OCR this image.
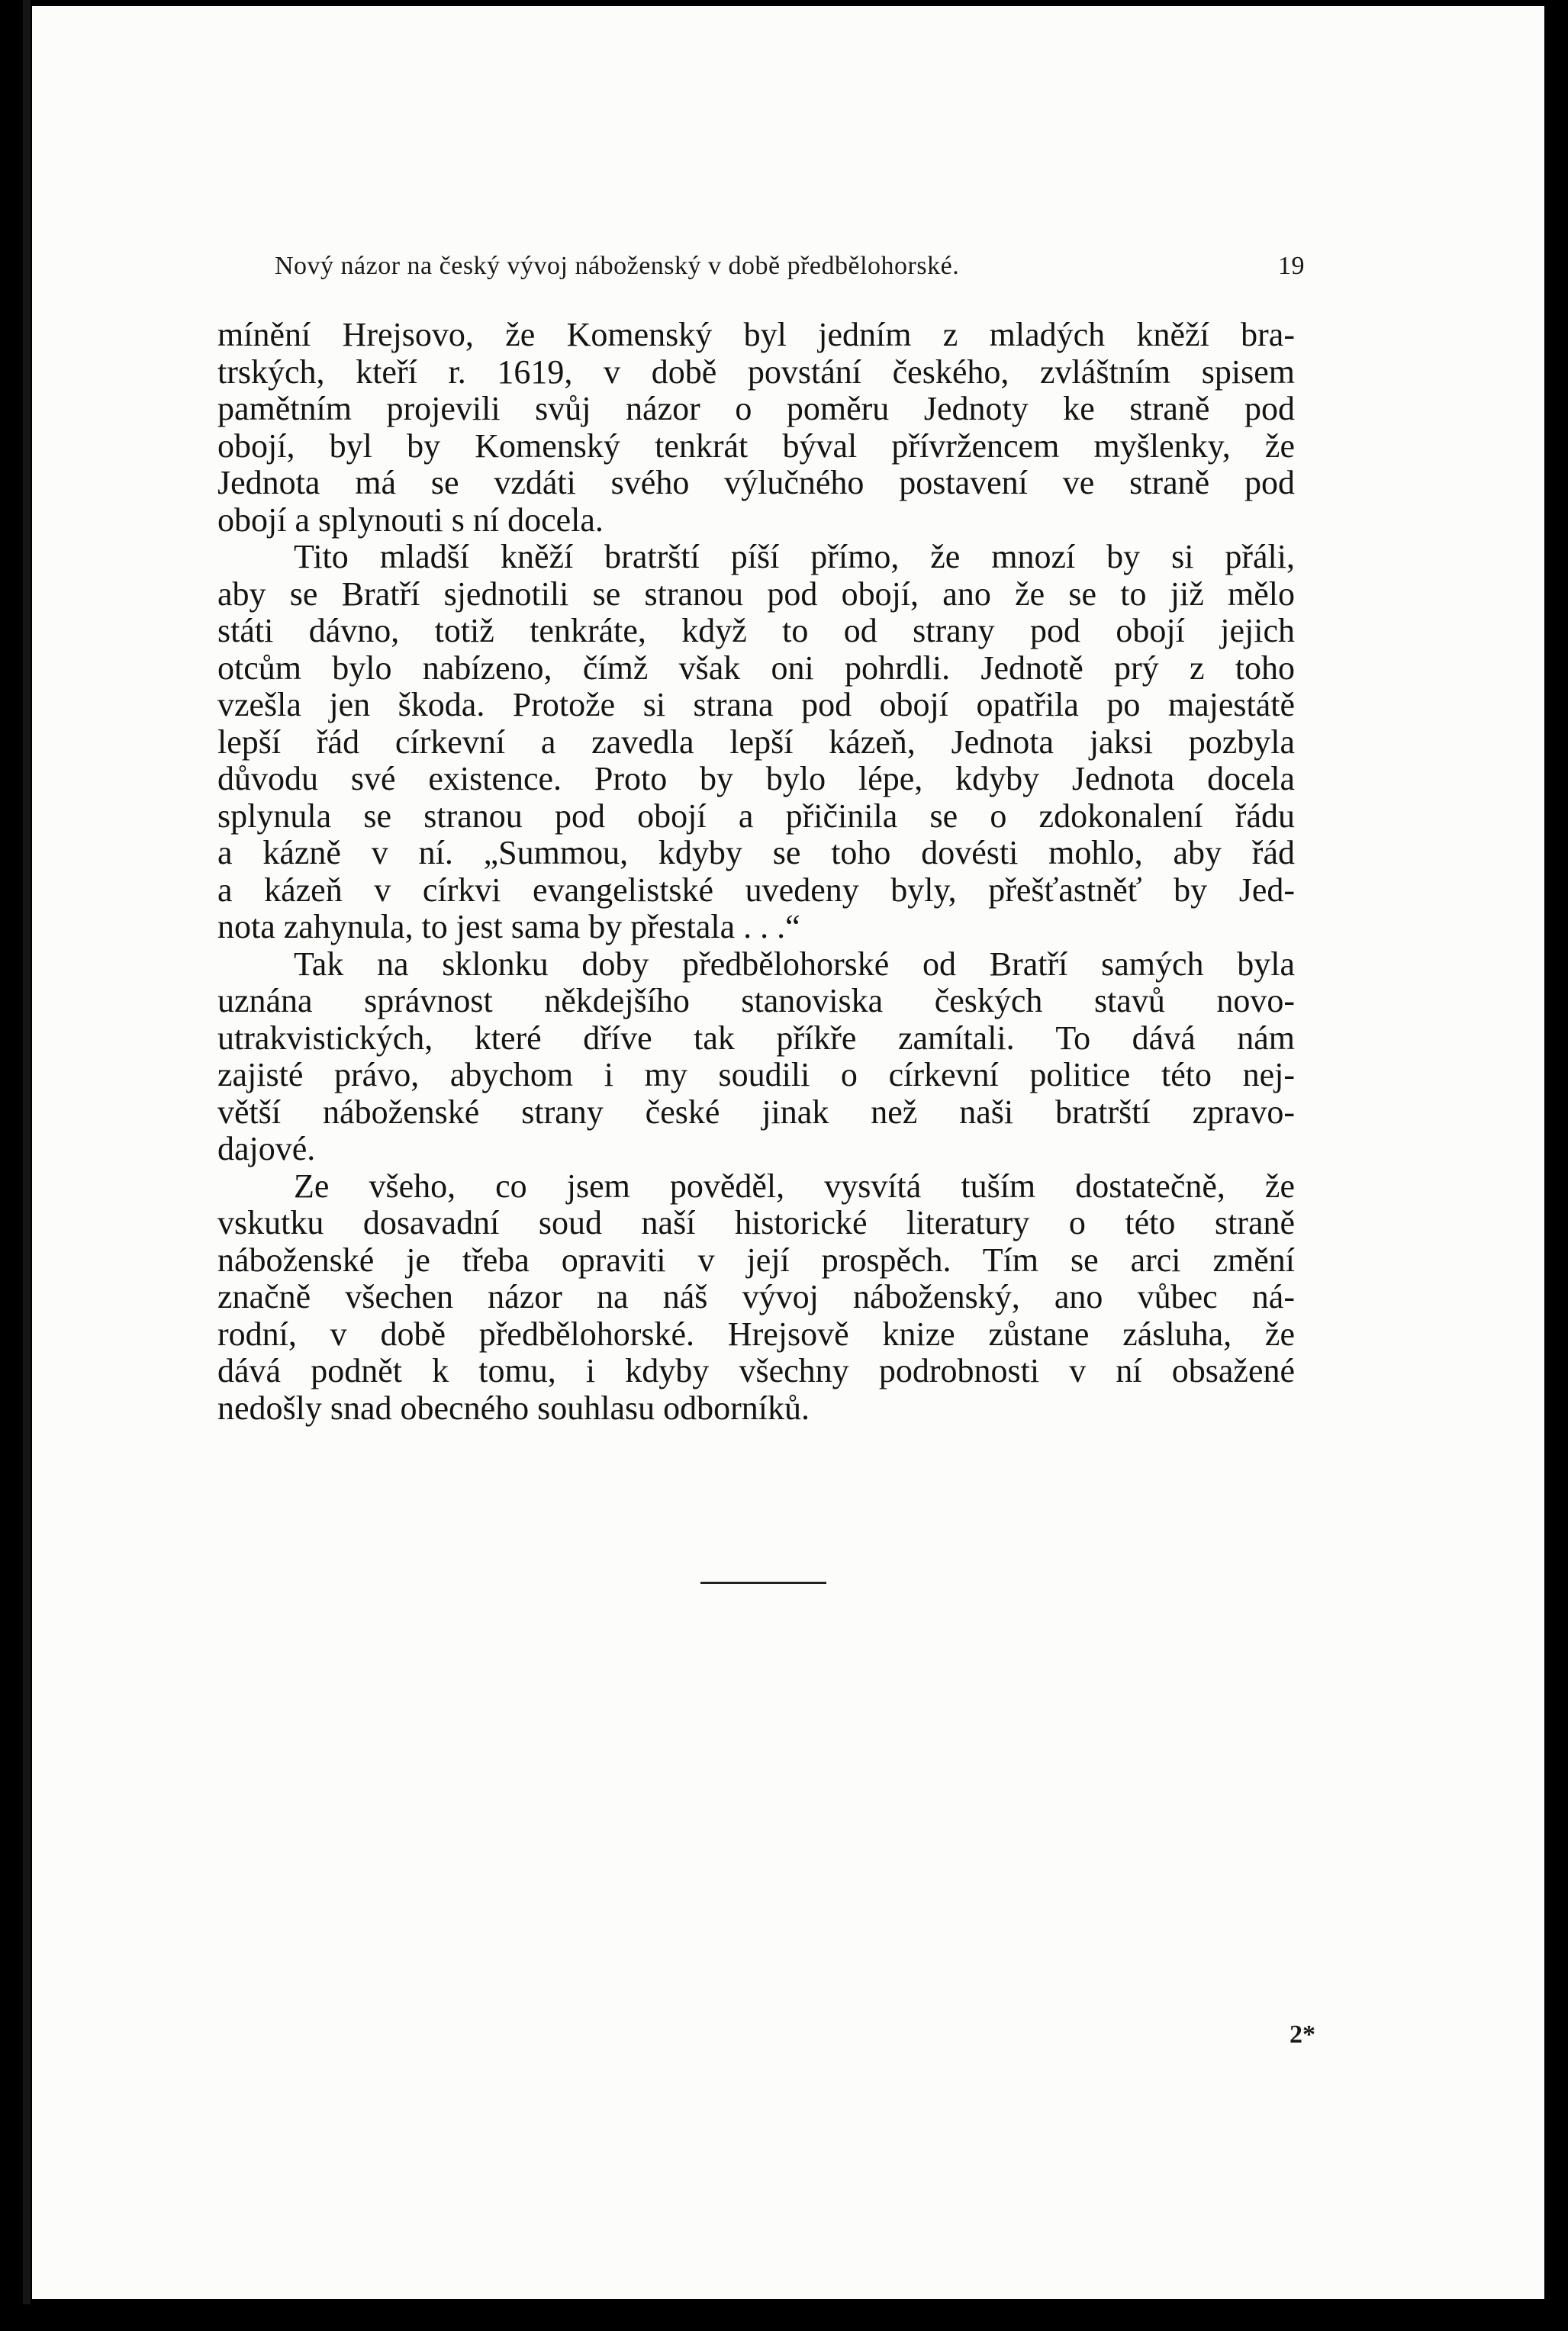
Nový názor na český vývoj náboženský v době předbělohorské.	19
mínění Hrejsovo, že Komenský byl jedním z mladých kněží bra-
trských, kteří r. 1619, v době povstání českého, zvláštním spisem
pamětním projevili svůj názor o poměru Jednoty ke straně pod
obojí, byl by Komenský tenkrát býval přívržencem myšlenky, že
Jednota má se vzdáti svého výlučného postavení ve straně pod
obojí a splynouti s ní docela.
Tito mladší kněží bratrští píší přímo, že mnozí by si přáli,
aby se Bratří sjednotili se stranou pod obojí, ano že se to již mělo
státi dávno, totiž tenkráte, když to od strany pod obojí jejich
otcům bylo nabízeno, čímž však oni pohrdli. Jednotě prý z toho
vzešla jen škoda. Protože si strana pod obojí opatřila po majestátě
lepší řád církevní a zavedla lepší kázeň, Jednota jaksi pozbyla
důvodu své existence. Proto by bylo lépe, kdyby Jednota docela
splynula se stranou pod obojí a přičinila se o zdokonalení řádu
a kázně v ní. „Summou, kdyby se toho dovésti mohlo, aby řád
a kázeň v církvi evangelistské uvedeny byly, přešťastněť by Jed-
nota zahynula, to jest sama by přestala . . .“
Tak na sklonku doby předbělohorské od Bratří samých byla
uznána správnost někdejšího stanoviska českých stavů novo-
utrakvistických, které dříve tak příkře zamítali. To dává nám
zajisté právo, abychom i my soudili o církevní politice této nej-
větší náboženské strany české jinak než naši bratrští zpravo-
dajové.
Ze všeho, co jsem pověděl, vysvítá tuším dostatečně, že
vskutku dosavadní soud naší historické literatury o této straně
náboženské je třeba opraviti v její prospěch. Tím se arci změní
značně všechen názor na náš vývoj náboženský, ano vůbec ná-
rodní, v době předbělohorské. Hrejsově knize zůstane zásluha, že
dává podnět k tomu, i kdyby všechny podrobnosti v ní obsažené
nedošly snad obecného souhlasu odborníků.
2*
